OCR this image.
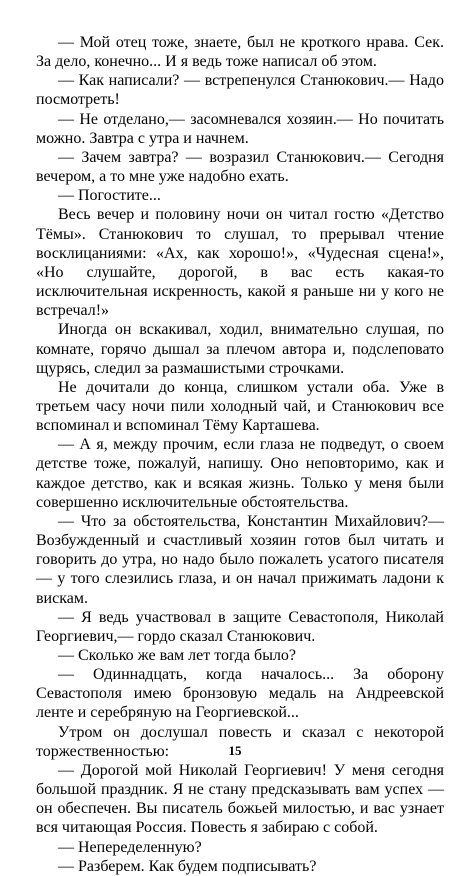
— Мой отец тоже, знаете, был не кроткого нрава. Сек. За дело, конечно... И я ведь тоже написал об этом.

— Как написали? — встрепенулся Станюкович.— Надо посмотреть!

— Не отделано,— засомневался хозяин.— Но почитать можно. Завтра с утра и начнем.

— Зачем завтра? — возразил Станюкович.— Сегодня вечером, а то мне уже надобно ехать.

— Погостите...

Весь вечер и половину ночи он читал гостю «Детство Тёмы». Станюкович то слушал, то прерывал чтение восклицаниями: «Ах, как хорошо!», «Чудесная сцена!», «Но слушайте, дорогой, в вас есть какая-то исключительная искренность, какой я раньше ни у кого не встречал!»

Иногда он вскакивал, ходил, внимательно слушая, по комнате, горячо дышал за плечом автора и, подслеповато щурясь, следил за размашистыми строчками.

Не дочитали до конца, слишком устали оба. Уже в третьем часу ночи пили холодный чай, и Станюкович все вспоминал и вспоминал Тёму Карташева.

— А я, между прочим, если глаза не подведут, о своем детстве тоже, пожалуй, напишу. Оно неповторимо, как и каждое детство, как и всякая жизнь. Только у меня были совершенно исключительные обстоятельства.

— Что за обстоятельства, Константин Михайлович?— Возбужденный и счастливый хозяин готов был читать и говорить до утра, но надо было пожалеть усатого писателя — у того слезились глаза, и он начал прижимать ладони к вискам.

— Я ведь участвовал в защите Севастополя, Николай Георгиевич,— гордо сказал Станюкович.

— Сколько же вам лет тогда было?

— Одиннадцать, когда началось... За оборону Севастополя имею бронзовую медаль на Андреевской ленте и серебряную на Георгиевской...

Утром он дослушал повесть и сказал с некоторой торжественностью:

— Дорогой мой Николай Георгиевич! У меня сегодня большой праздник. Я не стану предсказывать вам успех — он обеспечен. Вы писатель божьей милостью, и вас узнает вся читающая Россия. Повесть я забираю с собой.

— Непеределенную?

— Разберем. Как будем подписывать?

15
